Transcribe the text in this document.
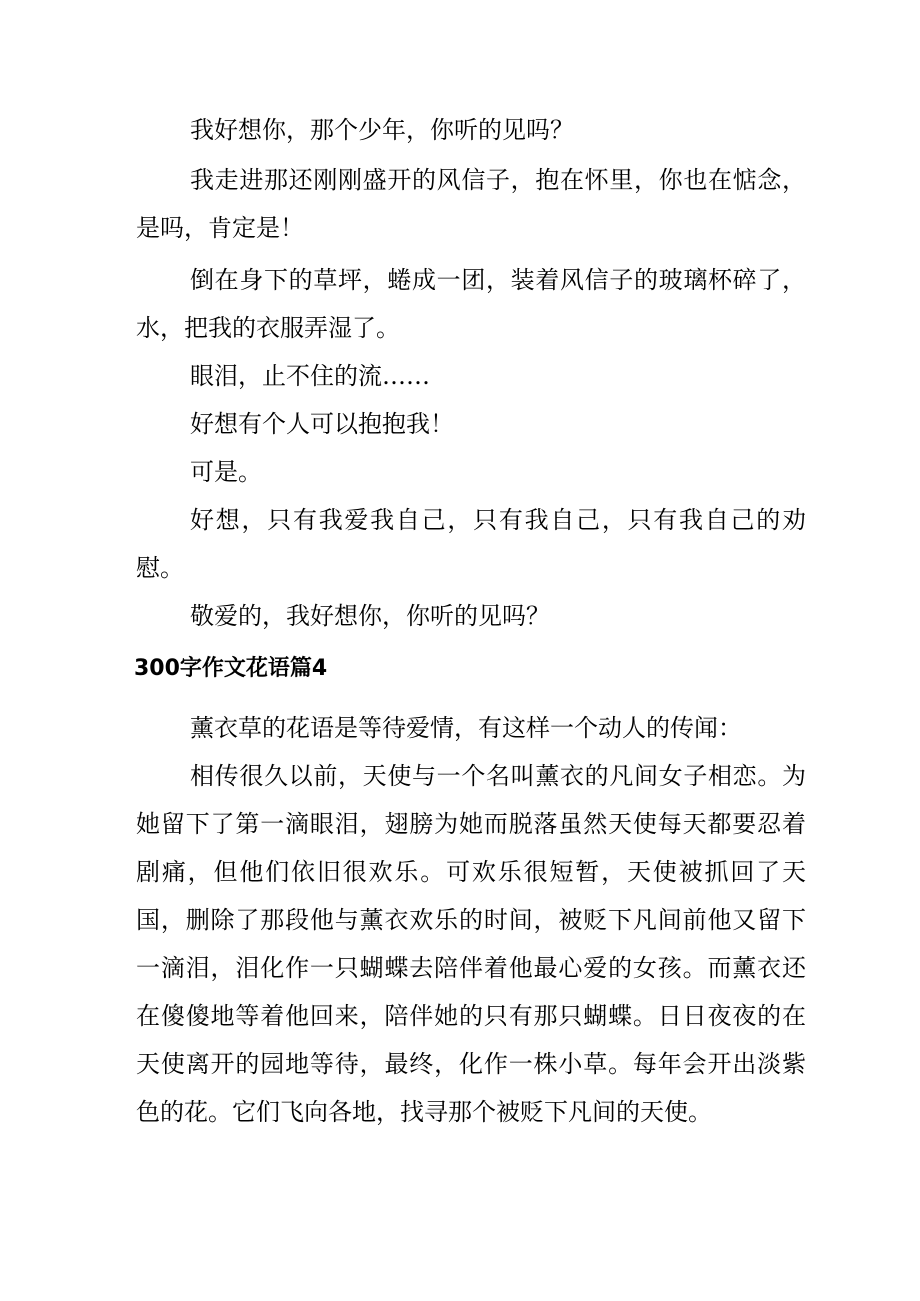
我好想你，那个少年，你听的见吗？

我走进那还刚刚盛开的风信子，抱在怀里，你也在惦念，是吗，肯定是！

倒在身下的草坪，蜷成一团，装着风信子的玻璃杯碎了，水，把我的衣服弄湿了。

眼泪，止不住的流……

好想有个人可以抱抱我！

可是。

好想，只有我爱我自己，只有我自己，只有我自己的劝慰。

敬爱的，我好想你，你听的见吗？

300字作文花语篇4

薰衣草的花语是等待爱情，有这样一个动人的传闻：

相传很久以前，天使与一个名叫薰衣的凡间女子相恋。为她留下了第一滴眼泪，翅膀为她而脱落虽然天使每天都要忍着剧痛，但他们依旧很欢乐。可欢乐很短暂，天使被抓回了天国，删除了那段他与薰衣欢乐的时间，被贬下凡间前他又留下一滴泪，泪化作一只蝴蝶去陪伴着他最心爱的女孩。而薰衣还在傻傻地等着他回来，陪伴她的只有那只蝴蝶。日日夜夜的在天使离开的园地等待，最终，化作一株小草。每年会开出淡紫色的花。它们飞向各地，找寻那个被贬下凡间的天使。
